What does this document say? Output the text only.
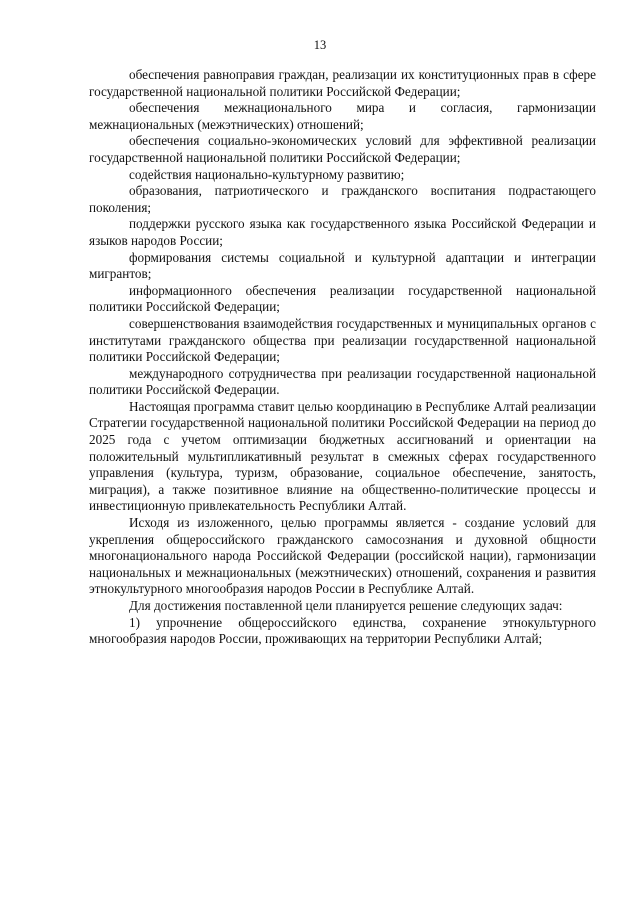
13

обеспечения равноправия граждан, реализации их конституционных прав в сфере государственной национальной политики Российской Федерации;

обеспечения межнационального мира и согласия, гармонизации межнациональных (межэтнических) отношений;

обеспечения социально-экономических условий для эффективной реализации государственной национальной политики Российской Федерации;

содействия национально-культурному развитию;

образования, патриотического и гражданского воспитания подрастающего поколения;

поддержки русского языка как государственного языка Российской Федерации и языков народов России;

формирования системы социальной и культурной адаптации и интеграции мигрантов;

информационного обеспечения реализации государственной национальной политики Российской Федерации;

совершенствования взаимодействия государственных и муниципальных органов с институтами гражданского общества при реализации государственной национальной политики Российской Федерации;

международного сотрудничества при реализации государственной национальной политики Российской Федерации.

Настоящая программа ставит целью координацию в Республике Алтай реализации Стратегии государственной национальной политики Российской Федерации на период до 2025 года с учетом оптимизации бюджетных ассигнований и ориентации на положительный мультипликативный результат в смежных сферах государственного управления (культура, туризм, образование, социальное обеспечение, занятость, миграция), а также позитивное влияние на общественно-политические процессы и инвестиционную привлекательность Республики Алтай.

Исходя из изложенного, целью программы является - создание условий для укрепления общероссийского гражданского самосознания и духовной общности многонационального народа Российской Федерации (российской нации), гармонизации национальных и межнациональных (межэтнических) отношений, сохранения и развития этнокультурного многообразия народов России в Республике Алтай.

Для достижения поставленной цели планируется решение следующих задач:

1) упрочнение общероссийского единства, сохранение этнокультурного многообразия народов России, проживающих на территории Республики Алтай;
